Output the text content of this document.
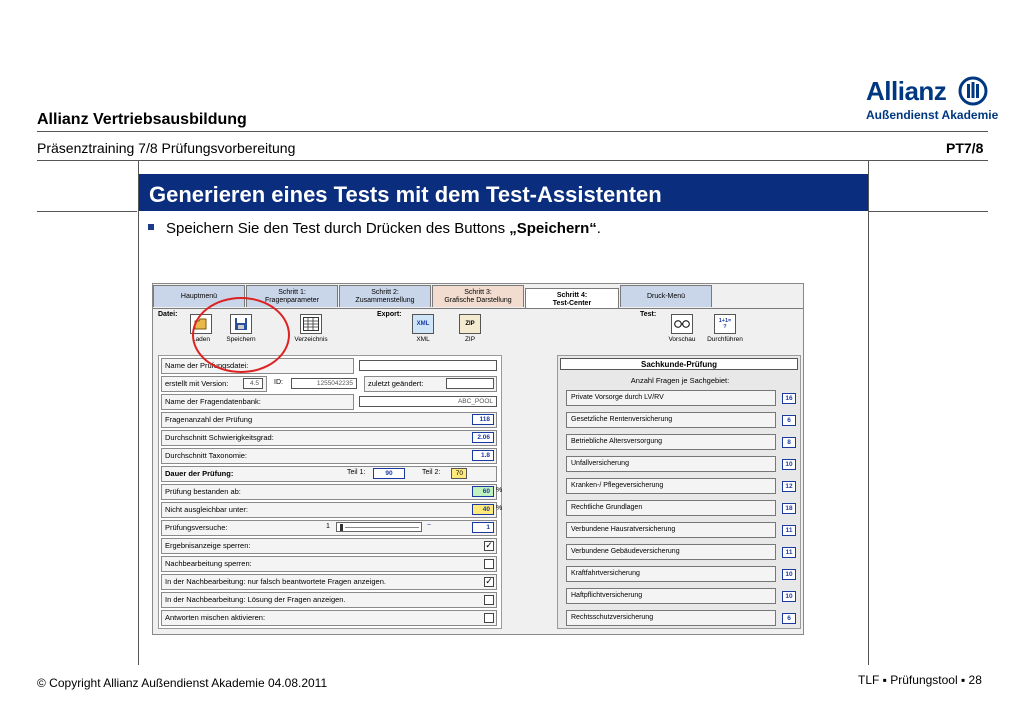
Allianz
Außendienst Akademie
Allianz Vertriebsausbildung
Präsenztraining 7/8 Prüfungsvorbereitung	PT7/8
Generieren eines Tests mit dem Test-Assistenten
Speichern Sie den Test durch Drücken des Buttons „Speichern“.
Hauptmenü
Schritt 1:
Fragenparameter
Schritt 2:
Zusammenstellung
Schritt 3:
Grafische Darstellung
Schritt 4:
Test-Center
Druck-Menü
Datei:	Export:	Test:
Laden	Speichern	Verzeichnis
XML
XML
ZIP
ZIP	Vorschau
1+1=
?
Durchführen
Name der Prüfungsdatei:
erstellt mit Version:	4.5	ID:	1255042235	zuletzt geändert:
Name der Fragendatenbank:	ABC_POOL
Fragenanzahl der Prüfung	118
Durchschnitt Schwierigkeitsgrad:	2.06
Durchschnitt Taxonomie:	1.8
Dauer der Prüfung:	Teil 1:	90	Teil 2:	70
Prüfung bestanden ab:	60 %
Nicht ausgleichbar unter:	40 %
Prüfungsversuche:	1	~	1
Ergebnisanzeige sperren:	✓
Nachbearbeitung sperren:
In der Nachbearbeitung: nur falsch beantwortete Fragen anzeigen.	✓
In der Nachbearbeitung: Lösung der Fragen anzeigen.
Antworten mischen aktivieren:
Sachkunde-Prüfung
Anzahl Fragen je Sachgebiet:
Private Vorsorge durch LV/RV	16
Gesetzliche Rentenversicherung	6
Betriebliche Altersversorgung	8
Unfallversicherung	10
Kranken-/ Pflegeversicherung	12
Rechtliche Grundlagen	18
Verbundene Hausratversicherung	11
Verbundene Gebäudeversicherung	11
Kraftfahrtversicherung	10
Haftpflichtversicherung	10
Rechtsschutzversicherung	6
© Copyright Allianz Außendienst Akademie 04.08.2011	TLF ▪ Prüfungstool ▪ 28
